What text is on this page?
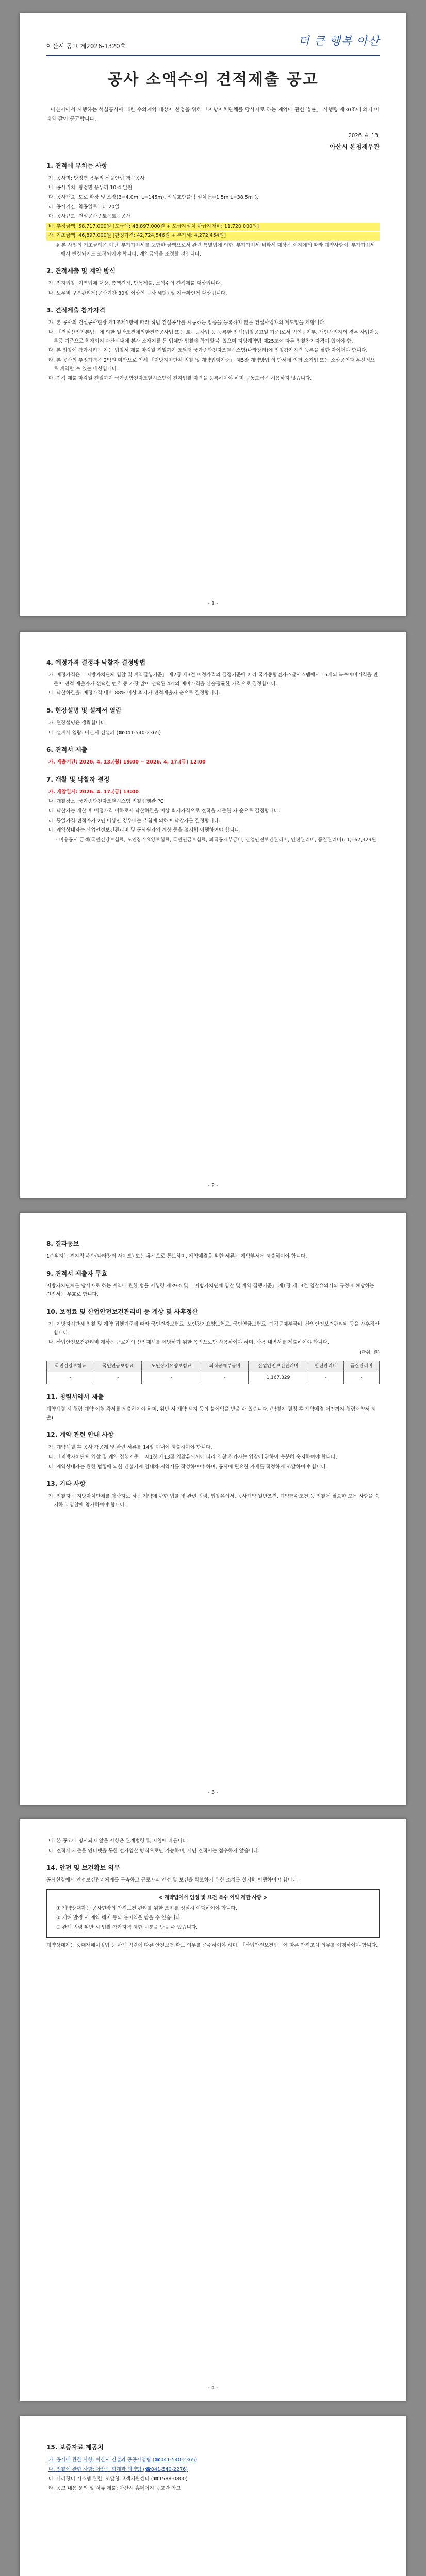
아산시 공고 제2026-1320호	더 큰 행복 아산
공사 소액수의 견적제출 공고
아산시에서 시행하는 석실공사에 대한 수의계약 대상자 선정을 위해 「지방자치단체를 당사자로 하는 계약에 관한 법률」 시행령 제30조에 의거 아래와 같이 공고합니다.
2026. 4. 13.
아산시 본청재무관
1. 견적에 부치는 사항
가. 공사명: 탕정면 용두리 석물안립 책구공사
나. 공사위치: 탕정면 용두리 10-4 일원
다. 공사개요: 도로 확장 및 포장(B=4.0m, L=145m), 식생호안블럭 설치 H=1.5m L=38.5m 등
라. 공사기간: 착공일로부터 20일
마. 공사규모: 건설공사 / 토목토목공사
바. 추정금액: 58,717,000원 [도급액: 48,897,000원 + 도급자설치 관급자재비: 11,720,000원]
사. 기초금액: 46,897,000원 [판정가격: 42,724,546원 + 부가세: 4,272,454원]
※ 본 사업의 기초금액은 이번, 부가가치세를 포함한 금액으로서 관련 특별법에 의한, 부가가치세 비과세 대상은 이자에게 따라 계약사항이, 부가가치세에서 변경되어도 조정되어야 합니다. 계약금액을 조정할 것입니다.
2. 견적제출 및 계약 방식
가. 전자입찰: 지역업체 대상, 총액견적, 단독제출, 소액수의 견적제출 대상입니다.
나. 노무비 구분관리제(공사기간 30일 이상인 공사 해당) 및 지급확인제 대상입니다.
3. 견적제출 참가자격
가. 본 공사의 건설공사현장 제1조제1항에 따라 적법 건설공사를 시공하는 업종을 등록하지 않은 건설사업자의 제도입을 제합니다.
나. 「건설산업기본법」에 의한 일반조건에의한건축공사업 또는 토목공사업 등 등록한 업체(입찰공고일 기준)로서 법인등기부, 개인사업자의 경우 사업자등록증 기준으로 현재까지 아산시내에 본사 소재지를 둔 업체만 입찰에 참가할 수 있으며 지방계약법 제25조에 따른 입찰참가자격이 있어야 함.
다. 본 입찰에 참가하려는 자는 입찰서 제출 마감일 전일까지 조달청 국가종합전자조달시스템(나라장터)에 입찰참가자격 등록을 필한 자이어야 합니다.
라. 본 공사의 추정가격은 2억원 미만으로 인해 「지방자치단체 입찰 및 계약집행기준」 제5장 계약방법 의 단서에 의거 소기업 또는 소상공인과 우선적으로 계약할 수 있는 대상입니다.
마. 견적 제출 마감일 전일까지 국가종합전자조달시스템에 전자입찰 자격을 등록하여야 하며 공동도급은 허용하지 않습니다.
- 1 -
4. 예정가격 결정과 낙찰자 결정방법
가. 예정가격은 「지방자치단체 입찰 및 계약집행기준」 제2장 제3절 예정가격의 결정기준에 따라 국가종합전자조달시스템에서 15개의 복수예비가격을 만들어 견적 제출자가 선택한 번호 중 가장 많이 선택된 4개의 예비가격을 산술평균한 가격으로 결정합니다.
나. 낙찰하한율: 예정가격 대비 88% 이상 최저가 견적제출자 순으로 결정합니다.
5. 현장설명 및 설계서 열람
가. 현장설명은 생략합니다.
나. 설계서 열람: 아산시 건설과 (☎041-540-2365)
6. 견적서 제출
가. 제출기간: 2026. 4. 13.(월) 19:00 ~ 2026. 4. 17.(금) 12:00
7. 개찰 및 낙찰자 결정
가. 개찰일시: 2026. 4. 17.(금) 13:00
나. 개찰장소: 국가종합전자조달시스템 입찰집행관 PC
다. 낙찰자는 개찰 후 예정가격 이하로서 낙찰하한율 이상 최저가격으로 견적을 제출한 자 순으로 결정합니다.
라. 동일가격 견적자가 2인 이상인 경우에는 추첨에 의하여 낙찰자를 결정합니다.
마. 계약상대자는 산업안전보건관리비 및 공사원가의 계상 등을 철저히 이행하여야 합니다.
- 비용공시 금액(국민건강보험료, 노인장기요양보험료, 국민연금보험료, 퇴직공제부금비, 산업안전보건관리비, 안전관리비, 품질관리비): 1,167,329원
- 2 -
8. 결과통보
1순위자는 전자적 수단(나라장터 사이트) 또는 유선으로 통보하며, 계약체결을 위한 서류는 계약부서에 제출하여야 합니다.
9. 견적서 제출자 무효
지방자치단체를 당사자로 하는 계약에 관한 법률 시행령 제39조 및 「지방자치단체 입찰 및 계약 집행기준」 제1장 제13절 입찰유의서의 규정에 해당하는 견적서는 무효로 합니다.
10. 보험료 및 산업안전보건관리비 등 계상 및 사후정산
가. 지방자치단체 입찰 및 계약 집행기준에 따라 국민건강보험료, 노인장기요양보험료, 국민연금보험료, 퇴직공제부금비, 산업안전보건관리비 등을 사후정산합니다.
나. 산업안전보건관리비 계상은 근로자의 산업재해를 예방하기 위한 목적으로만 사용하여야 하며, 사용 내역서를 제출하여야 합니다.
(단위: 원)
국민건강보험료	국민연금보험료	노인장기요양보험료	퇴직공제부금비	산업안전보건관리비	안전관리비	품질관리비
-	-	-	-	1,167,329	-	-
11. 청렴서약서 제출
계약체결 시 청렴 계약 이행 각서를 제출하여야 하며, 위반 시 계약 해지 등의 불이익을 받을 수 있습니다. (낙찰자 결정 후 계약체결 이전까지 청렴서약서 제출)
12. 계약 관련 안내 사항
가. 계약체결 후 공사 착공계 및 관련 서류를 14일 이내에 제출하여야 합니다.
나. 「지방자치단체 입찰 및 계약 집행기준」 제1장 제13절 입찰유의서에 따라 입찰 참가자는 입찰에 관하여 충분히 숙지하여야 합니다.
다. 계약상대자는 관련 법령에 의한 건설기계 임대차 계약서를 작성하여야 하며, 공사에 필요한 자재를 적정하게 조달하여야 합니다.
13. 기타 사항
가. 입찰자는 지방자치단체를 당사자로 하는 계약에 관한 법률 및 관련 법령, 입찰유의서, 공사계약 일반조건, 계약특수조건 등 입찰에 필요한 모든 사항을 숙지하고 입찰에 참가하여야 합니다.
- 3 -
나. 본 공고에 명시되지 않은 사항은 관계법령 및 지침에 따릅니다.
다. 견적서 제출은 인터넷을 통한 전자입찰 방식으로만 가능하며, 서면 견적서는 접수하지 않습니다.
14. 안전 및 보건확보 의무
공사현장에서 안전보건관리체계를 구축하고 근로자의 안전 및 보건을 확보하기 위한 조치를 철저히 이행하여야 합니다.
< 계약법에서 인정 및 요건 특수 이익 제한 사항 >
① 계약상대자는 공사현장의 안전보건 관리를 위한 조치를 성실히 이행하여야 합니다.
② 재해 발생 시 계약 해지 등의 불이익을 받을 수 있습니다.
③ 관계 법령 위반 시 입찰 참가자격 제한 처분을 받을 수 있습니다.
계약상대자는 중대재해처벌법 등 관계 법령에 따른 안전보건 확보 의무를 준수하여야 하며, 「산업안전보건법」에 따른 안전조치 의무를 이행하여야 합니다.
- 4 -
15. 보증자료 제공처
가. 공사에 관한 사항: 아산시 건설과 공공사업팀 (☎041-540-2365)
나. 입찰에 관한 사항: 아산시 회계과 계약팀 (☎041-540-2276)
다. 나라장터 시스템 관련: 조달청 고객지원센터 (☎1588-0800)
라. 공고 내용 문의 및 서류 제출: 아산시 홈페이지 공고란 참고
